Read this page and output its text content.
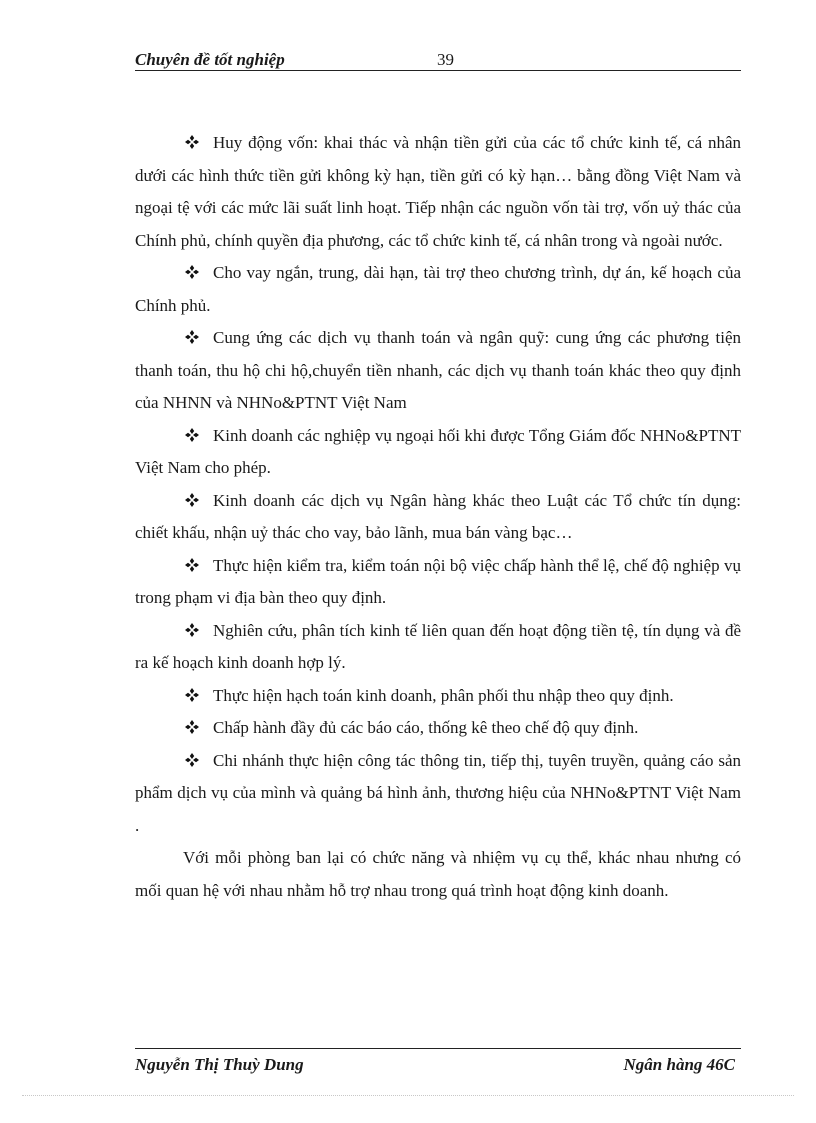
Chuyên đề tốt nghiệp	39

Huy động vốn: khai thác và nhận tiền gửi của các tổ chức kinh tế, cá nhân dưới các hình thức tiền gửi không kỳ hạn, tiền gửi có kỳ hạn… bằng đồng Việt Nam và ngoại tệ với các mức lãi suất linh hoạt. Tiếp nhận các nguồn vốn tài trợ, vốn uỷ thác của Chính phủ, chính quyền địa phương, các tổ chức kinh tế, cá nhân trong và ngoài nước.

Cho vay ngắn, trung, dài hạn, tài trợ theo chương trình, dự án, kế hoạch của Chính phủ.

Cung ứng các dịch vụ thanh toán và ngân quỹ: cung ứng các phương tiện thanh toán, thu hộ chi hộ,chuyển tiền nhanh, các dịch vụ thanh toán khác theo quy định của NHNN và NHNo&PTNT Việt Nam

Kinh doanh các nghiệp vụ ngoại hối khi được Tổng Giám đốc NHNo&PTNT Việt Nam cho phép.

Kinh doanh các dịch vụ Ngân hàng khác theo Luật các Tổ chức tín dụng: chiết khấu, nhận uỷ thác cho vay, bảo lãnh, mua bán vàng bạc…

Thực hiện kiểm tra, kiểm toán nội bộ việc chấp hành thể lệ, chế độ nghiệp vụ trong phạm vi địa bàn theo quy định.

Nghiên cứu, phân tích kinh tế liên quan đến hoạt động tiền tệ, tín dụng và đề ra kế hoạch kinh doanh hợp lý.

Thực hiện hạch toán kinh doanh, phân phối thu nhập theo quy định.

Chấp hành đầy đủ các báo cáo, thống kê theo chế độ quy định.

Chi nhánh thực hiện công tác thông tin, tiếp thị, tuyên truyền, quảng cáo sản phẩm dịch vụ của mình và quảng bá hình ảnh, thương hiệu của NHNo&PTNT Việt Nam .

Với mỗi phòng ban lại có chức năng và nhiệm vụ cụ thể, khác nhau nhưng có mối quan hệ với nhau nhằm hỗ trợ nhau trong quá trình hoạt động kinh doanh.

Nguyễn Thị Thuỳ Dung	Ngân hàng 46C
